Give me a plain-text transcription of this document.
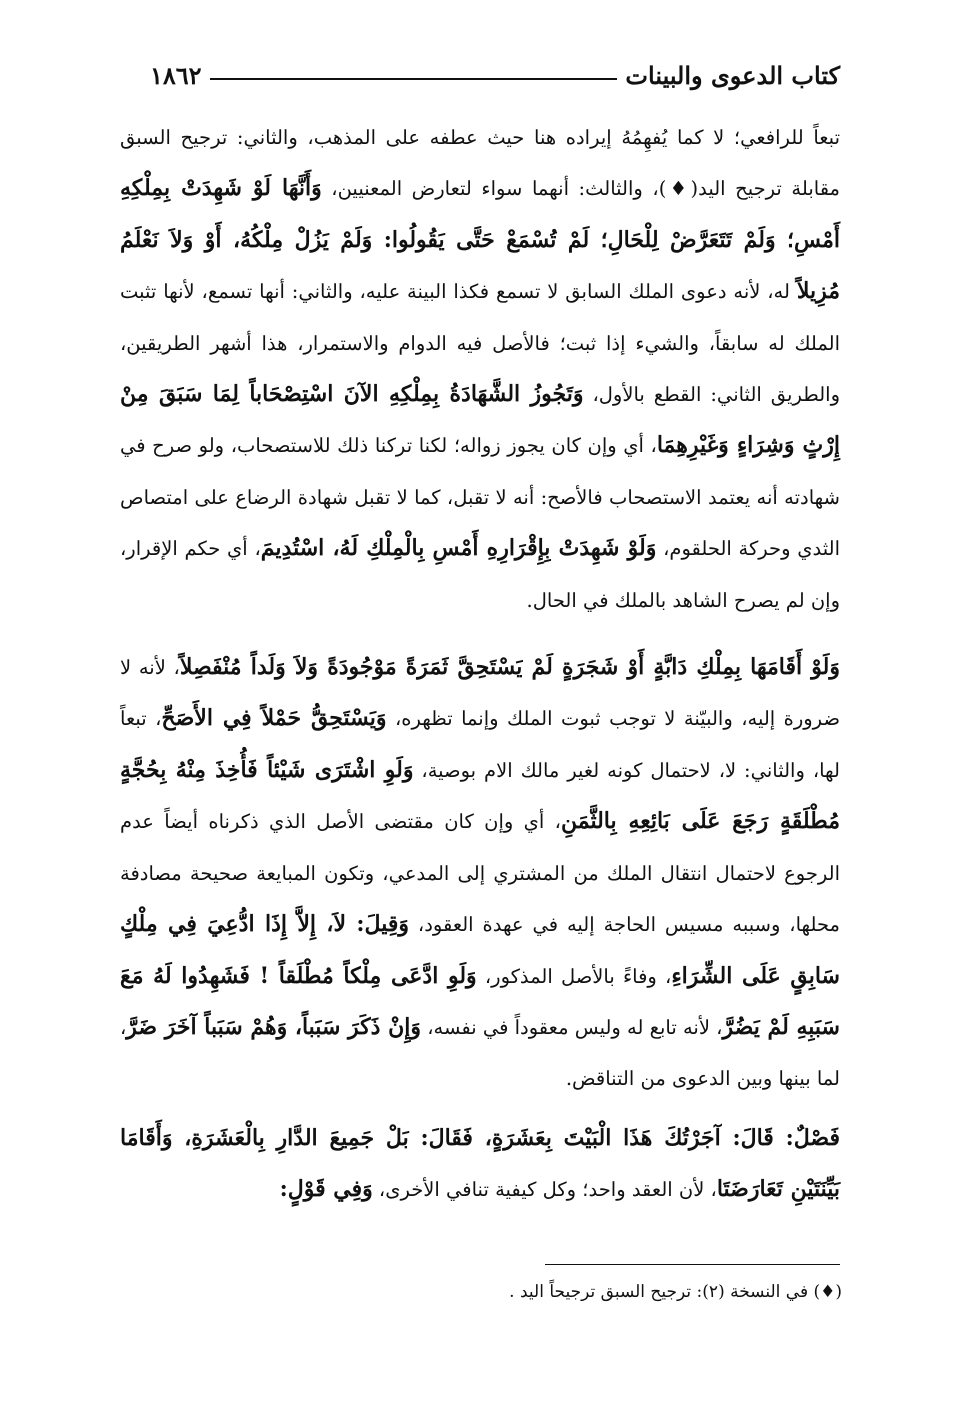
كتاب الدعوى والبينات
١٨٦٢

تبعاً للرافعي؛ لا كما يُفهِمُهُ إيراده هنا حيث عطفه على المذهب، والثاني: ترجيح السبق مقابلة ترجيح اليد(♦)، والثالث: أنهما سواء لتعارض المعنيين، وَأَنَّهَا لَوْ شَهِدَتْ بِمِلْكِهِ أَمْسِ؛ وَلَمْ تَتَعَرَّضْ لِلْحَالِ؛ لَمْ تُسْمَعْ حَتَّى يَقُولُوا: وَلَمْ يَزُلْ مِلْكُهُ، أَوْ وَلاَ نَعْلَمُ مُزِيلاً له، لأنه دعوى الملك السابق لا تسمع فكذا البينة عليه، والثاني: أنها تسمع، لأنها تثبت الملك له سابقاً، والشيء إذا ثبت؛ فالأصل فيه الدوام والاستمرار، هذا أشهر الطريقين، والطريق الثاني: القطع بالأول، وَتَجُوزُ الشَّهَادَةُ بِمِلْكِهِ الآنَ اسْتِصْحَاباً لِمَا سَبَقَ مِنْ إِرْثٍ وَشِرَاءٍ وَغَيْرِهِمَا، أي وإن كان يجوز زواله؛ لكنا تركنا ذلك للاستصحاب، ولو صرح في شهادته أنه يعتمد الاستصحاب فالأصح: أنه لا تقبل، كما لا تقبل شهادة الرضاع على امتصاص الثدي وحركة الحلقوم، وَلَوْ شَهِدَتْ بِإِقْرَارِهِ أَمْسِ بِالْمِلْكِ لَهُ، اسْتُدِيمَ، أي حكم الإقرار، وإن لم يصرح الشاهد بالملك في الحال.

وَلَوْ أَقَامَهَا بِمِلْكِ دَابَّةٍ أَوْ شَجَرَةٍ لَمْ يَسْتَحِقَّ ثَمَرَةً مَوْجُودَةً وَلاَ وَلَداً مُنْفَصِلاً، لأنه لا ضرورة إليه، والبيّنة لا توجب ثبوت الملك وإنما تظهره، وَيَسْتَحِقُّ حَمْلاً فِي الأَصَحِّ، تبعاً لها، والثاني: لا، لاحتمال كونه لغير مالك الام بوصية، وَلَوِ اشْتَرَى شَيْئاً فَأُخِذَ مِنْهُ بِحُجَّةٍ مُطْلَقَةٍ رَجَعَ عَلَى بَائِعِهِ بِالثَّمَنِ، أي وإن كان مقتضى الأصل الذي ذكرناه أيضاً عدم الرجوع لاحتمال انتقال الملك من المشتري إلى المدعي، وتكون المبايعة صحيحة مصادفة محلها، وسببه مسيس الحاجة إليه في عهدة العقود، وَقِيلَ: لاَ، إِلاَّ إِذَا ادُّعِيَ فِي مِلْكٍ سَابِقٍ عَلَى الشِّرَاءِ، وفاءً بالأصل المذكور، وَلَوِ ادَّعَى مِلْكاً مُطْلَقاً ! فَشَهِدُوا لَهُ مَعَ سَبَبِهِ لَمْ يَضُرَّ، لأنه تابع له وليس معقوداً في نفسه، وَإِنْ ذَكَرَ سَبَباً، وَهُمْ سَبَباً آخَرَ ضَرَّ، لما بينها وبين الدعوى من التناقض.

فَصْلٌ: قَالَ: آجَرْتُكَ هَذَا الْبَيْتَ بِعَشَرَةٍ، فَقَالَ: بَلْ جَمِيعَ الدَّارِ بِالْعَشَرَةِ، وَأَقَامَا بَيِّنَتَيْنِ تَعَارَضَتَا، لأن العقد واحد؛ وكل كيفية تنافي الأخرى، وَفِي قَوْلٍ:

(♦) في النسخة (٢): ترجيح السبق ترجيحاً اليد .
